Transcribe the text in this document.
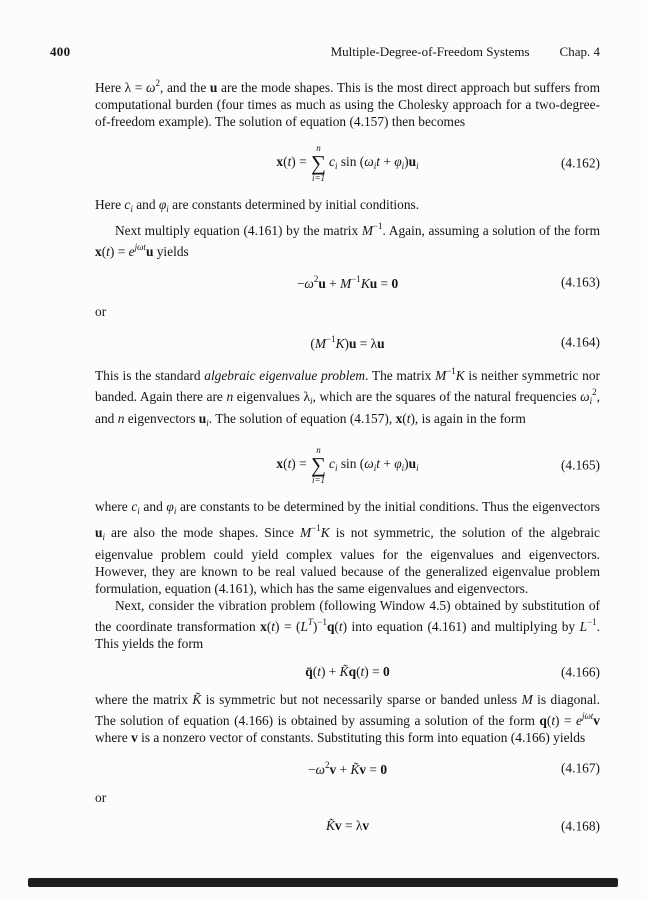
400	Multiple-Degree-of-Freedom Systems Chap. 4

Here $\lambda = \omega^2$, and the u are the mode shapes. This is the most direct approach but suffers from computational burden (four times as much as using the Cholesky approach for a two-degree-of-freedom example). The solution of equation (4.157) then becomes

x(t) =
n
∑
i=1
$c_i$ $\sin (\omega_it + \varphi_i)u_i$	(4.162)

Here $c_i$ and $\varphi_i$ are constants determined by initial conditions.

Next multiply equation (4.161) by the matrix $M^{-1}$. Again, assuming a solution of the form $x(t) = e^{j\omega t}u$ yields

$-\omega^2u + M^{-1}Ku = 0$	(4.163)

or

$(M^{-1}K)u = \lambda u$	(4.164)

This is the standard algebraic eigenvalue problem. The matrix $M^{-1}K$ is neither symmetric nor banded. Again there are n eigenvalues $\lambda_i$, which are the squares of the natural frequencies $\omega_i^2$, and n eigenvectors $u_i$. The solution of equation (4.157), x(t), is again in the form

x(t) =
n
∑
i=1
$c_i$ $\sin (\omega_it + \varphi_i)u_i$	(4.165)

where $c_i$ and $\varphi_i$ are constants to be determined by the initial conditions. Thus the eigenvectors $u_i$ are also the mode shapes. Since $M^{-1}K$ is not symmetric, the solution of the algebraic eigenvalue problem could yield complex values for the eigenvalues and eigenvectors. However, they are known to be real valued because of the generalized eigenvalue problem formulation, equation (4.161), which has the same eigenvalues and eigenvectors.

Next, consider the vibration problem (following Window 4.5) obtained by substitution of the coordinate transformation $x(t) = (L^T)^{-1}q(t)$ into equation (4.161) and multiplying by $L^{-1}$. This yields the form

q̈(t) + K̃q(t) = 0	(4.166)

where the matrix K̃ is symmetric but not necessarily sparse or banded unless M is diagonal. The solution of equation (4.166) is obtained by assuming a solution of the form $q(t) = e^{j\omega t}v$ where v is a nonzero vector of constants. Substituting this form into equation (4.166) yields

$-\omega^2v$ + K̃v = 0	(4.167)

or

K̃v = λv	(4.168)
